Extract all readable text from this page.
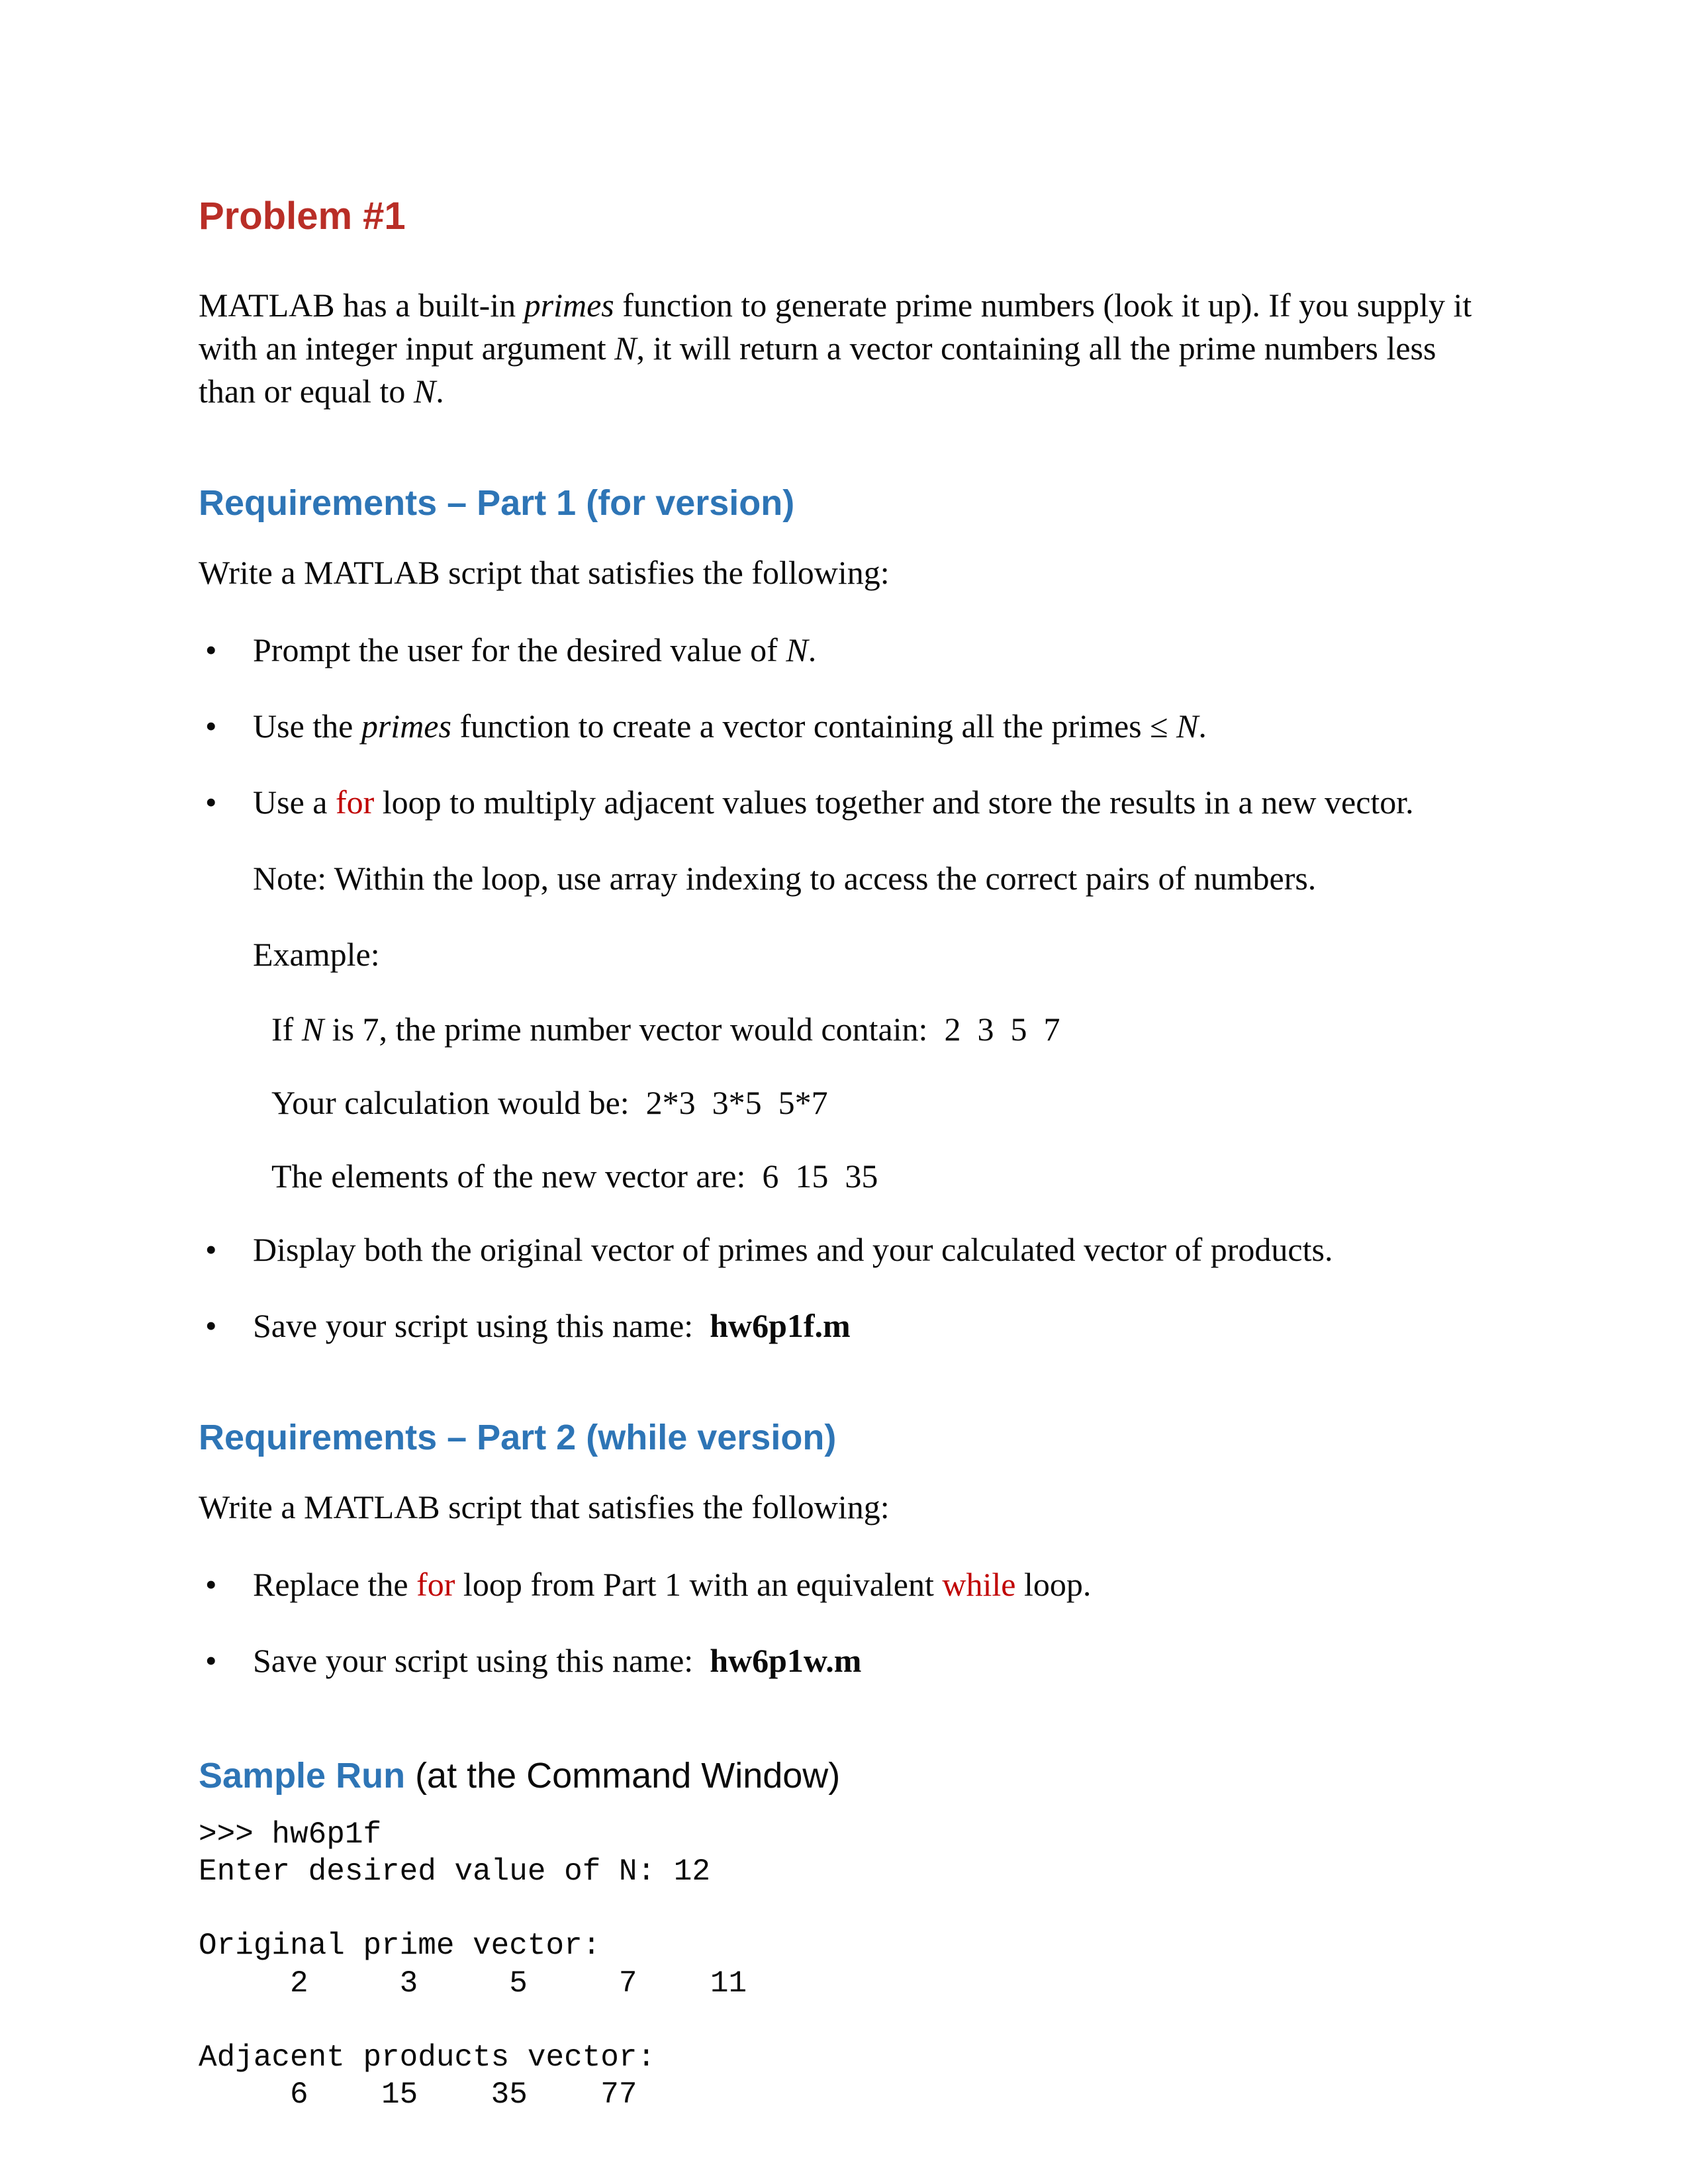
Problem #1

MATLAB has a built-in primes function to generate prime numbers (look it up). If you supply it with an integer input argument N, it will return a vector containing all the prime numbers less than or equal to N.

Requirements – Part 1 (for version)

Write a MATLAB script that satisfies the following:

• Prompt the user for the desired value of N.
• Use the primes function to create a vector containing all the primes ≤ N.
• Use a for loop to multiply adjacent values together and store the results in a new vector.

Note: Within the loop, use array indexing to access the correct pairs of numbers.

Example:

If N is 7, the prime number vector would contain:  2  3  5  7

Your calculation would be:  2*3  3*5  5*7

The elements of the new vector are:  6  15  35

• Display both the original vector of primes and your calculated vector of products.
• Save your script using this name:  hw6p1f.m
Requirements – Part 2 (while version)

Write a MATLAB script that satisfies the following:

• Replace the for loop from Part 1 with an equivalent while loop.
• Save your script using this name:  hw6p1w.m
Sample Run (at the Command Window)
>>> hw6p1f
Enter desired value of N: 12

Original prime vector:
2     3     5     7    11

Adjacent products vector:
6    15    35    77
